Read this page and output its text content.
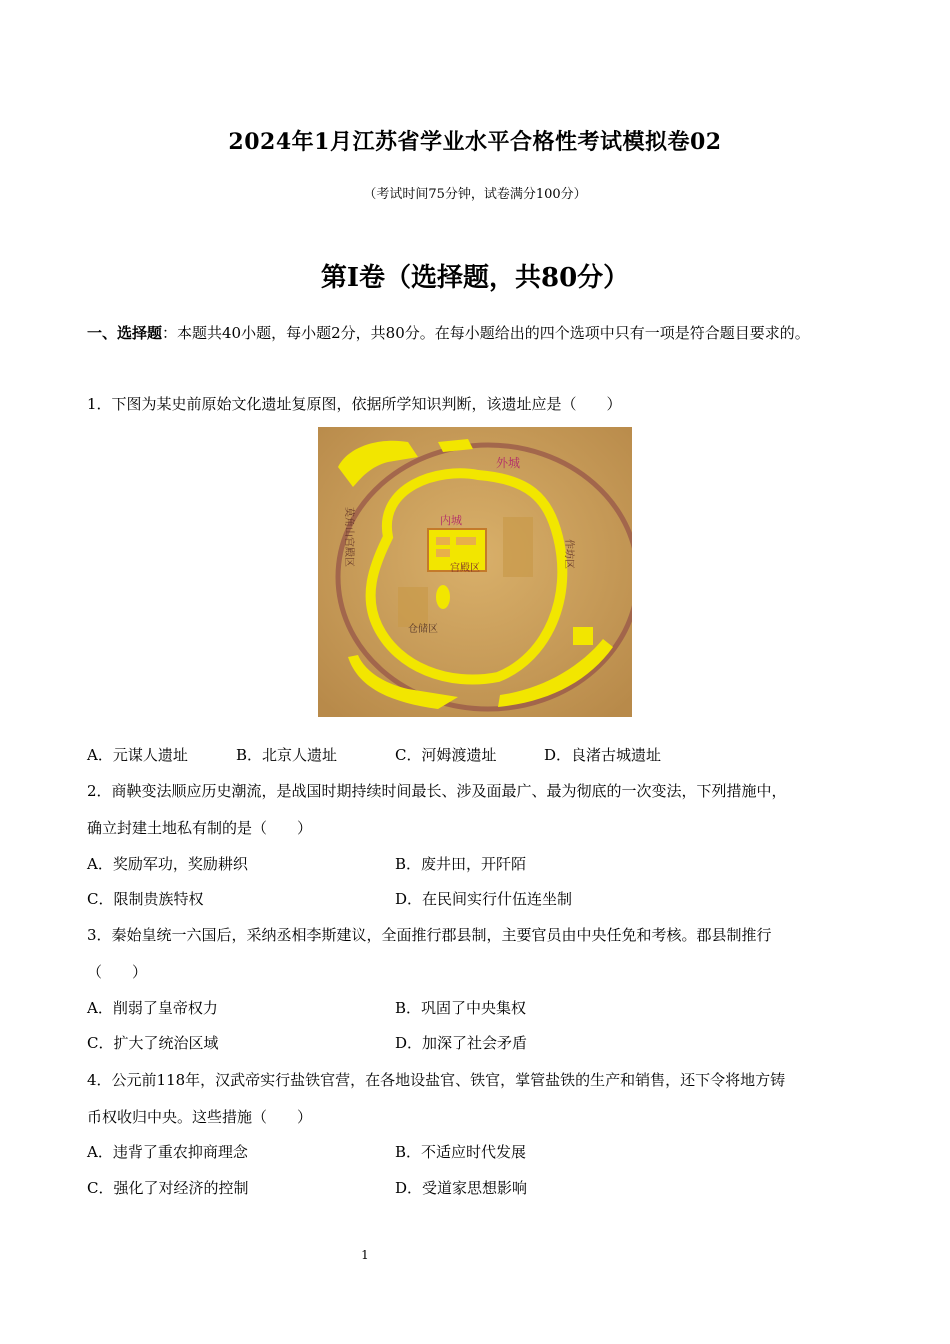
2024年1月江苏省学业水平合格性考试模拟卷02
（考试时间75分钟，试卷满分100分）
第I卷（选择题，共80分）
一、选择题：本题共40小题，每小题2分，共80分。在每小题给出的四个选项中只有一项是符合题目要求的。
1．下图为某史前原始文化遗址复原图，依据所学知识判断，该遗址应是（　　）
外城
内城
宫殿区
仓储区
莫角山宫殿区	作坊区
A．元谋人遗址	B．北京人遗址	C．河姆渡遗址	D．良渚古城遗址
2．商鞅变法顺应历史潮流，是战国时期持续时间最长、涉及面最广、最为彻底的一次变法，下列措施中，
确立封建土地私有制的是（　　）
A．奖励军功，奖励耕织	B．废井田，开阡陌
C．限制贵族特权	D．在民间实行什伍连坐制
3．秦始皇统一六国后，采纳丞相李斯建议，全面推行郡县制，主要官员由中央任免和考核。郡县制推行
（　　）
A．削弱了皇帝权力	B．巩固了中央集权
C．扩大了统治区域	D．加深了社会矛盾
4．公元前118年，汉武帝实行盐铁官营，在各地设盐官、铁官，掌管盐铁的生产和销售，还下令将地方铸
币权收归中央。这些措施（　　）
A．违背了重农抑商理念	B．不适应时代发展
C．强化了对经济的控制	D．受道家思想影响
1
